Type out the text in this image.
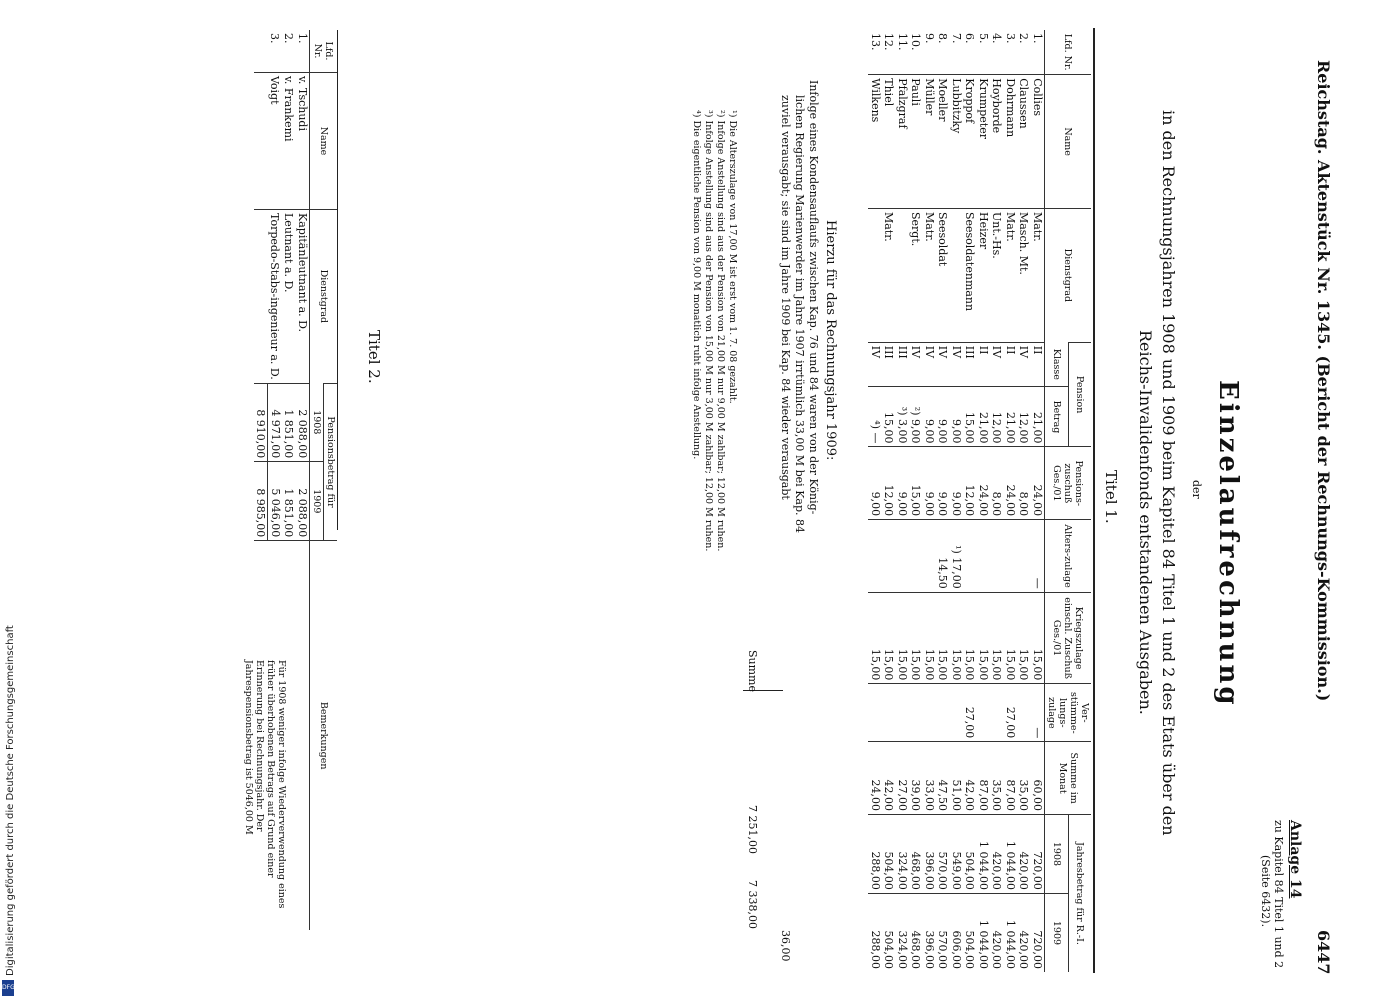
Reichstag. Aktenstück Nr. 1345. (Bericht der Rechnungs-Kommission.)
6447
Anlage 14
zu Kapitel 84 Titel 1 und 2
(Seite 6432).
Einzelaufrechnung
der
in den Rechnungsjahren 1908 und 1909 beim Kapitel 84 Titel 1 und 2 des Etats über den
Reichs-Invalidenfonds entstandenen Ausgaben.
Titel 1.
Lfd. Nr.	Name	Dienstgrad	Pension		Pensions-zuschuß Ges./01	Alters-zulage	Kriegszulage einschl. Zuschuß Ges./01	Ver-stümme-lungs-zulage	Summe im Monat	Jahresbetrag für R.-I.	
			Klasse	Betrag						1908	1909
1.	Collies	Matr.	II	21,00	24,00	—	15,00	—	60,00	720,00	720,00
2.	Claussen	Masch. Mt.	IV	12,00	8,00		15,00		35,00	420,00	420,00
3.	Dohrmann	Matr.	II	21,00	24,00		15,00	27,00	87,00	1 044,00	1 044,00
4.	Hoyborde	Unt.-Hs.	IV	12,00	8,00		15,00		35,00	420,00	420,00
5.	Krumpeter	Heizer	II	21,00	24,00		15,00		87,00	1 044,00	1 044,00
6.	Kroppof	Seesoldatenmann	III	15,00	12,00		15,00	27,00	42,00	504,00	504,00
7.	Lubbitzky		IV	9,00	9,00	¹) 17,00	15,00		51,00	549,00	606,00
8.	Moeller	Seesoldat	IV	9,00	9,00	14,50	15,00		47,50	570,00	570,00
9.	Müller	Matr.	IV	9,00	9,00		15,00		33,00	396,00	396,00
10.	Pauli	Sergt.	IV	²) 9,00	15,00		15,00		39,00	468,00	468,00
11.	Pfalzgraf		III	³) 3,00	9,00		15,00		27,00	324,00	324,00
12.	Thiel	Matr.	III	15,00	12,00		15,00		42,00	504,00	504,00
13.	Wilkens		IV	⁴) —	9,00		15,00		24,00	288,00	288,00
Hierzu für das Rechnungsjahr 1909:
Infolge eines Kondensauflaufs zwischen Kap. 76 und 84 waren von der König-
lichen Regierung Marienwerder im Jahre 1907 irrtümlich 33,00 M bei Kap. 84
zuviel verausgabt; sie sind im Jahre 1909 bei Kap. 84 wieder verausgabt
36,00
Summe
7 251,00
7 338,00
¹) Die Alterszulage von 17,00 M ist erst vom 1. 7. 08 gezahlt.
²) Infolge Anstellung sind aus der Pension von 21,00 M nur 9,00 M zahlbar; 12,00 M ruhen.
³) Infolge Anstellung sind aus der Pension von 15,00 M nur 3,00 M zahlbar; 12,00 M ruhen.
⁴) Die eigentliche Pension von 9,00 M monatlich ruht infolge Anstellung.
Titel 2.
Lfd. Nr.	Name	Dienstgrad	Pensionsbetrag für		Bemerkungen
			1908	1909	
1.	v. Tschudi	Kapitänleutnant a. D.	2 088,00	2 088,00	
2.	v. Frankemi	Leutnant a. D.	1 851,00	1 851,00	
3.	Voigt	Torpedo-Stabs-ingenieur a. D.	4 971,00	5 046,00	
			8 910,00	8 985,00	
Für 1908 weniger infolge Wiederverwendung eines früher überhobenen Betrags auf Grund einer Erinnerung bei Rechnungsjahr. Der Jahrespensionsbetrag ist 5046,00 M
Digitalisierung gefördert durch die Deutsche Forschungsgemeinschaft
DFG
